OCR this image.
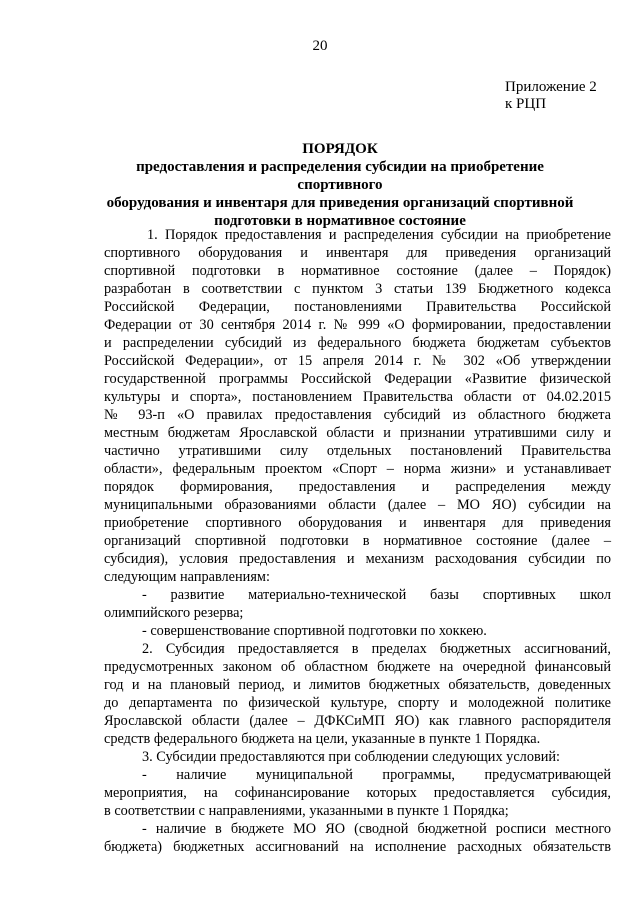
20
Приложение 2
к РЦП
ПОРЯДОК
предоставления и распределения субсидии на приобретение спортивного
оборудования и инвентаря для приведения организаций спортивной
подготовки в нормативное состояние
1. Порядок предоставления и распределения субсидии на приобретение
спортивного оборудования и инвентаря для приведения организаций
спортивной подготовки в нормативное состояние (далее – Порядок)
разработан в соответствии с пунктом 3 статьи 139 Бюджетного кодекса
Российской Федерации, постановлениями Правительства Российской
Федерации от 30 сентября 2014 г. № 999 «О формировании, предоставлении
и распределении субсидий из федерального бюджета бюджетам субъектов
Российской Федерации», от 15 апреля 2014 г. № 302 «Об утверждении
государственной программы Российской Федерации «Развитие физической
культуры и спорта», постановлением Правительства области от 04.02.2015
№ 93-п «О правилах предоставления субсидий из областного бюджета
местным бюджетам Ярославской области и признании утратившими силу и
частично утратившими силу отдельных постановлений Правительства
области», федеральным проектом «Спорт – норма жизни» и устанавливает
порядок формирования, предоставления и распределения между
муниципальными образованиями области (далее – МО ЯО) субсидии на
приобретение спортивного оборудования и инвентаря для приведения
организаций спортивной подготовки в нормативное состояние (далее –
субсидия), условия предоставления и механизм расходования субсидии по
следующим направлениям:
- развитие материально-технической базы спортивных школ
олимпийского резерва;
- совершенствование спортивной подготовки по хоккею.
2. Субсидия предоставляется в пределах бюджетных ассигнований,
предусмотренных законом об областном бюджете на очередной финансовый
год и на плановый период, и лимитов бюджетных обязательств, доведенных
до департамента по физической культуре, спорту и молодежной политике
Ярославской области (далее – ДФКСиМП ЯО) как главного распорядителя
средств федерального бюджета на цели, указанные в пункте 1 Порядка.
3. Субсидии предоставляются при соблюдении следующих условий:
- наличие муниципальной программы, предусматривающей
мероприятия, на софинансирование которых предоставляется субсидия,
в соответствии с направлениями, указанными в пункте 1 Порядка;
- наличие в бюджете МО ЯО (сводной бюджетной росписи местного
бюджета) бюджетных ассигнований на исполнение расходных обязательств
